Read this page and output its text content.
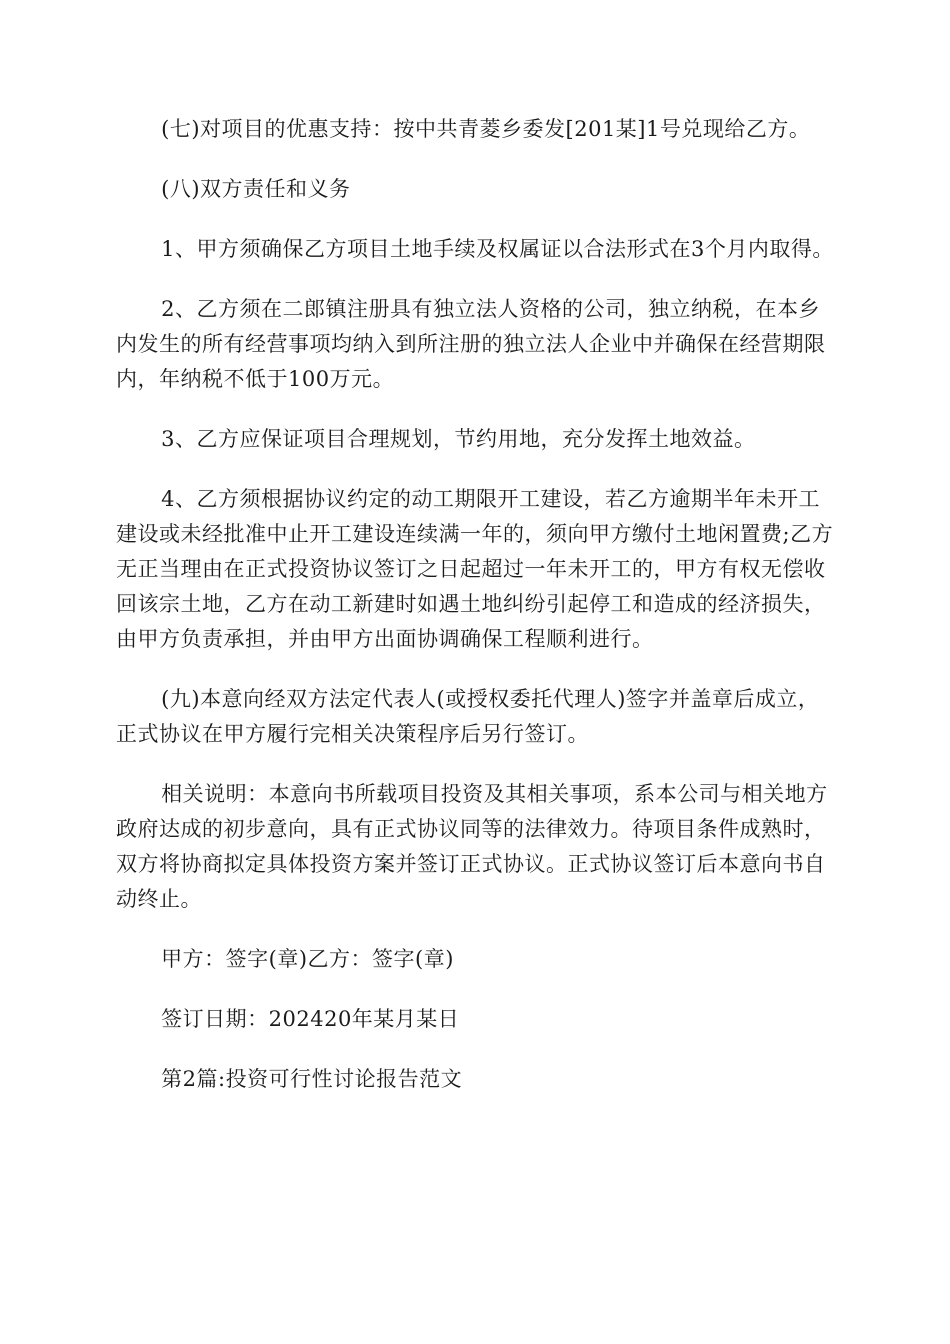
(七)对项目的优惠支持：按中共青菱乡委发[201某]1号兑现给乙方。

(八)双方责任和义务

1、甲方须确保乙方项目土地手续及权属证以合法形式在3个月内取得。

2、乙方须在二郎镇注册具有独立法人资格的公司，独立纳税，在本乡内发生的所有经营事项均纳入到所注册的独立法人企业中并确保在经营期限内，年纳税不低于100万元。

3、乙方应保证项目合理规划，节约用地，充分发挥土地效益。

4、乙方须根据协议约定的动工期限开工建设，若乙方逾期半年未开工建设或未经批准中止开工建设连续满一年的，须向甲方缴付土地闲置费;乙方无正当理由在正式投资协议签订之日起超过一年未开工的，甲方有权无偿收回该宗土地，乙方在动工新建时如遇土地纠纷引起停工和造成的经济损失，由甲方负责承担，并由甲方出面协调确保工程顺利进行。

(九)本意向经双方法定代表人(或授权委托代理人)签字并盖章后成立，正式协议在甲方履行完相关决策程序后另行签订。

相关说明：本意向书所载项目投资及其相关事项，系本公司与相关地方政府达成的初步意向，具有正式协议同等的法律效力。待项目条件成熟时，双方将协商拟定具体投资方案并签订正式协议。正式协议签订后本意向书自动终止。

甲方：签字(章)乙方：签字(章)

签订日期：202420年某月某日

第2篇:投资可行性讨论报告范文
